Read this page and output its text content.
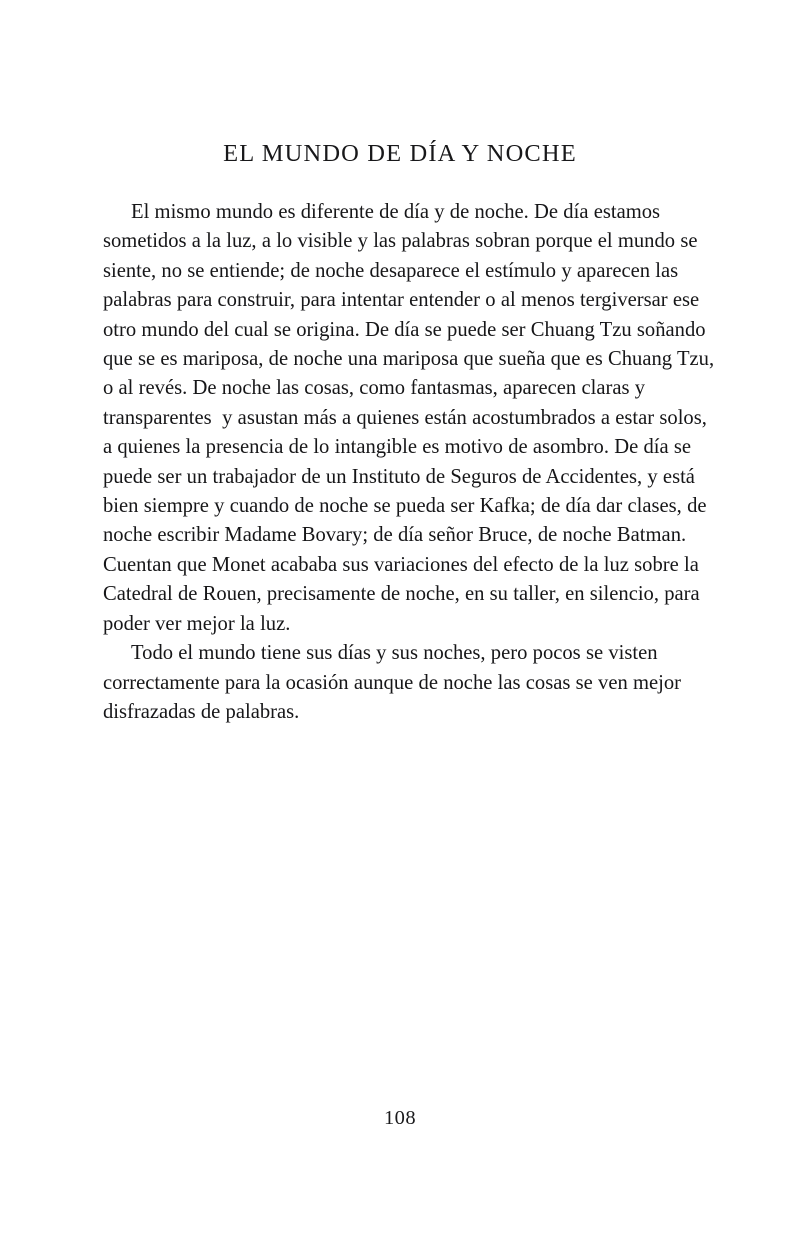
EL MUNDO DE DÍA Y NOCHE

El mismo mundo es diferente de día y de noche. De día estamos sometidos a la luz, a lo visible y las palabras sobran porque el mundo se siente, no se entiende; de noche desaparece el estímulo y aparecen las palabras para construir, para intentar entender o al menos tergiversar ese otro mundo del cual se origina. De día se puede ser Chuang Tzu soñando que se es mariposa, de noche una mariposa que sueña que es Chuang Tzu, o al revés. De noche las cosas, como fantasmas, aparecen claras y transparentes  y asustan más a quienes están acostumbrados a estar solos, a quienes la presencia de lo intangible es motivo de asombro. De día se puede ser un trabajador de un Instituto de Seguros de Accidentes, y está bien siempre y cuando de noche se pueda ser Kafka; de día dar clases, de noche escribir Madame Bovary; de día señor Bruce, de noche Batman. Cuentan que Monet acababa sus variaciones del efecto de la luz sobre la Catedral de Rouen, precisamente de noche, en su taller, en silencio, para poder ver mejor la luz.

Todo el mundo tiene sus días y sus noches, pero pocos se visten correctamente para la ocasión aunque de noche las cosas se ven mejor disfrazadas de palabras.

108
